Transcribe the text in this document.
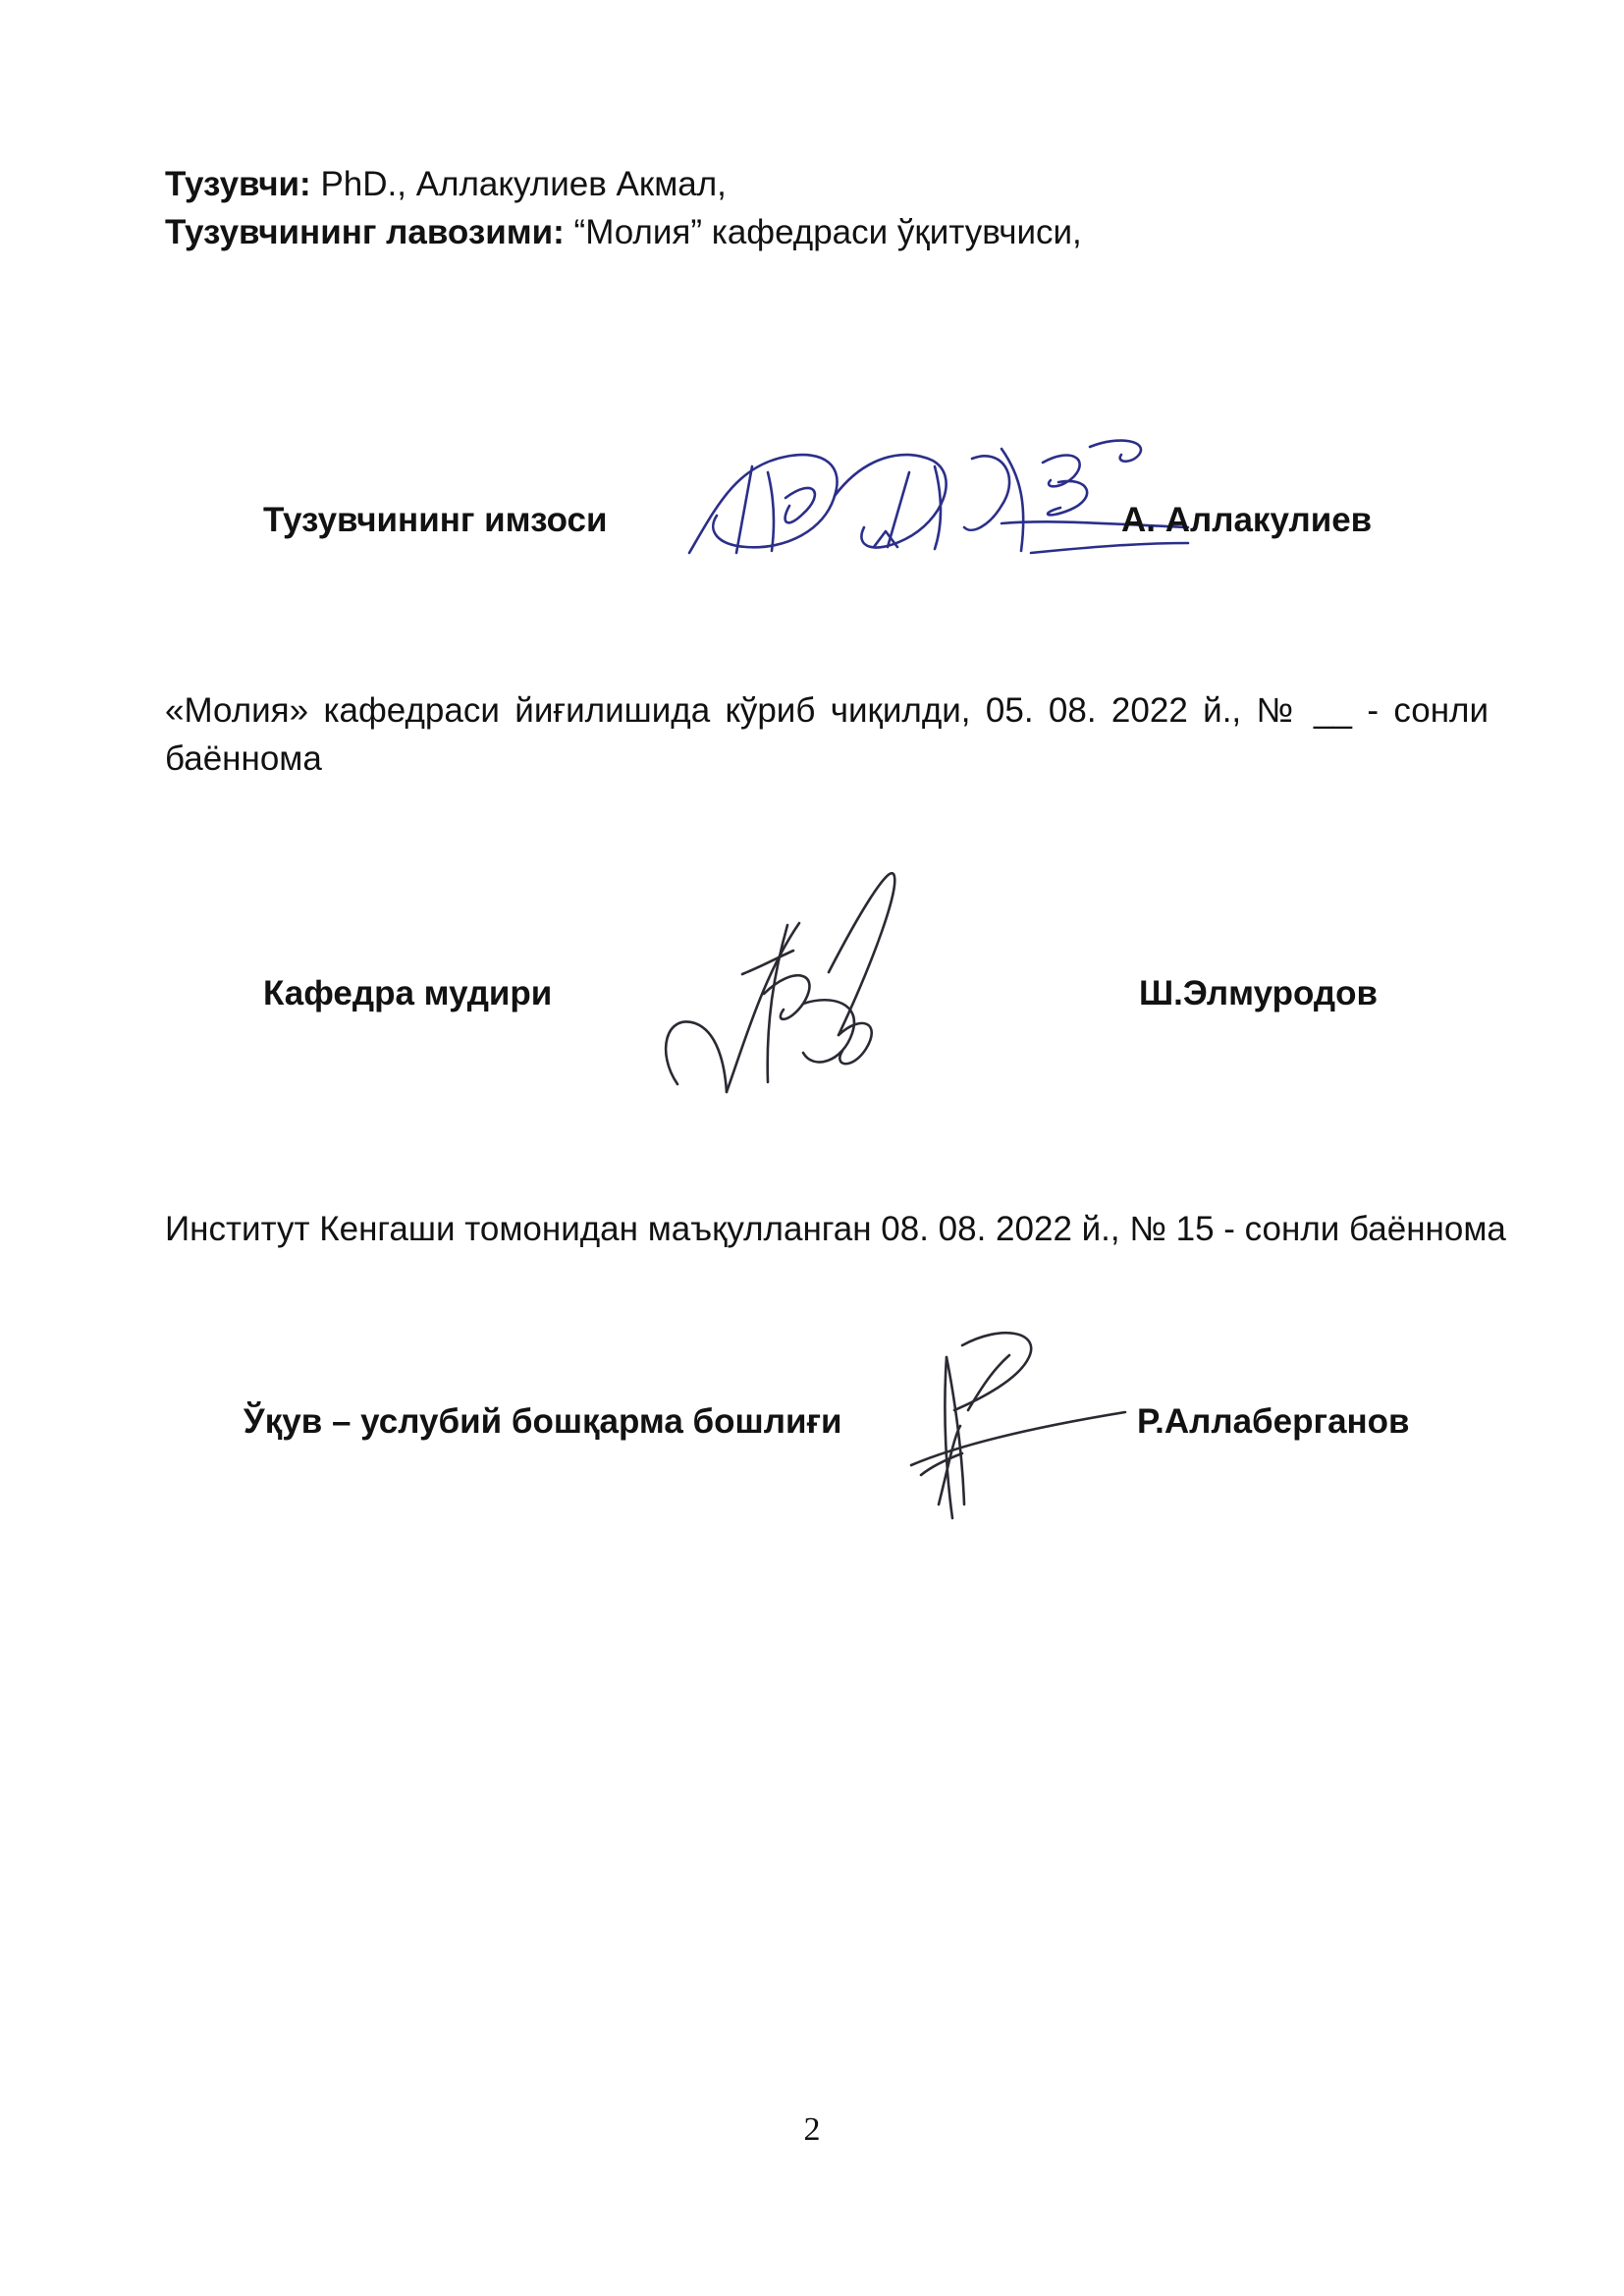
Тузувчи: PhD., Аллакулиев Акмал,
Тузувчининг лавозими: “Молия” кафедраси ўқитувчиси,
Тузувчининг имзоси	А. Аллакулиев
«Молия» кафедраси йиғилишида кўриб чиқилди, 05. 08. 2022 й., № __ - сонли
баённома
Кафедра мудири	Ш.Элмуродов
Институт Кенгаши томонидан маъқулланган 08. 08. 2022 й., № 15 - сонли баённома
Ўқув – услубий бошқарма бошлиғи	Р.Аллаберганов
2
